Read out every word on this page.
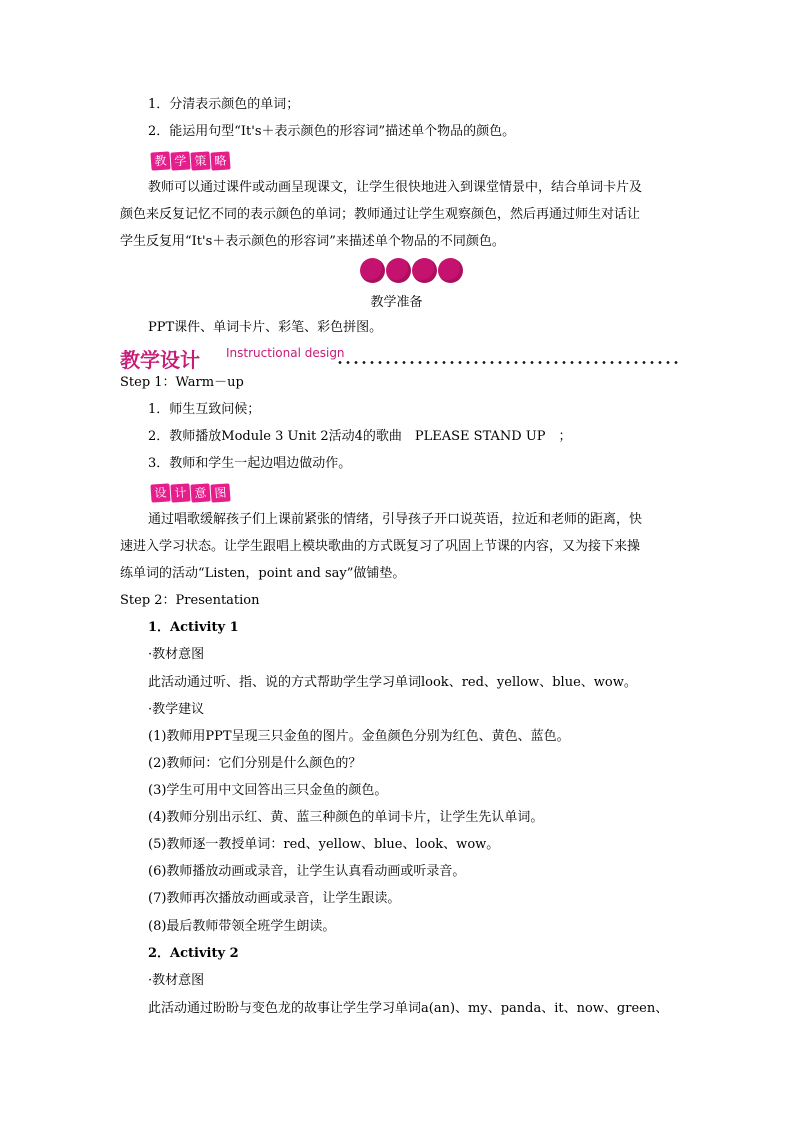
1．分清表示颜色的单词；
2．能运用句型“It's＋表示颜色的形容词”描述单个物品的颜色。
教 学 策 略
教师可以通过课件或动画呈现课文，让学生很快地进入到课堂情景中，结合单词卡片及
颜色来反复记忆不同的表示颜色的单词；教师通过让学生观察颜色，然后再通过师生对话让
学生反复用“It's＋表示颜色的形容词”来描述单个物品的不同颜色。
教学准备
PPT课件、单词卡片、彩笔、彩色拼图。
教学设计 Instructional design
Step 1：Warm－up
1．师生互致问候；
2．教师播放Module 3 Unit 2活动4的歌曲　PLEASE STAND UP　；
3．教师和学生一起边唱边做动作。
设 计 意 图
通过唱歌缓解孩子们上课前紧张的情绪，引导孩子开口说英语，拉近和老师的距离，快
速进入学习状态。让学生跟唱上模块歌曲的方式既复习了巩固上节课的内容，又为接下来操
练单词的活动“Listen，point and say”做铺垫。
Step 2：Presentation
1．Activity 1
·教材意图
此活动通过听、指、说的方式帮助学生学习单词look、red、yellow、blue、wow。
·教学建议
(1)教师用PPT呈现三只金鱼的图片。金鱼颜色分别为红色、黄色、蓝色。
(2)教师问：它们分别是什么颜色的？
(3)学生可用中文回答出三只金鱼的颜色。
(4)教师分别出示红、黄、蓝三种颜色的单词卡片，让学生先认单词。
(5)教师逐一教授单词：red、yellow、blue、look、wow。
(6)教师播放动画或录音，让学生认真看动画或听录音。
(7)教师再次播放动画或录音，让学生跟读。
(8)最后教师带领全班学生朗读。
2．Activity 2
·教材意图
此活动通过盼盼与变色龙的故事让学生学习单词a(an)、my、panda、it、now、green、
